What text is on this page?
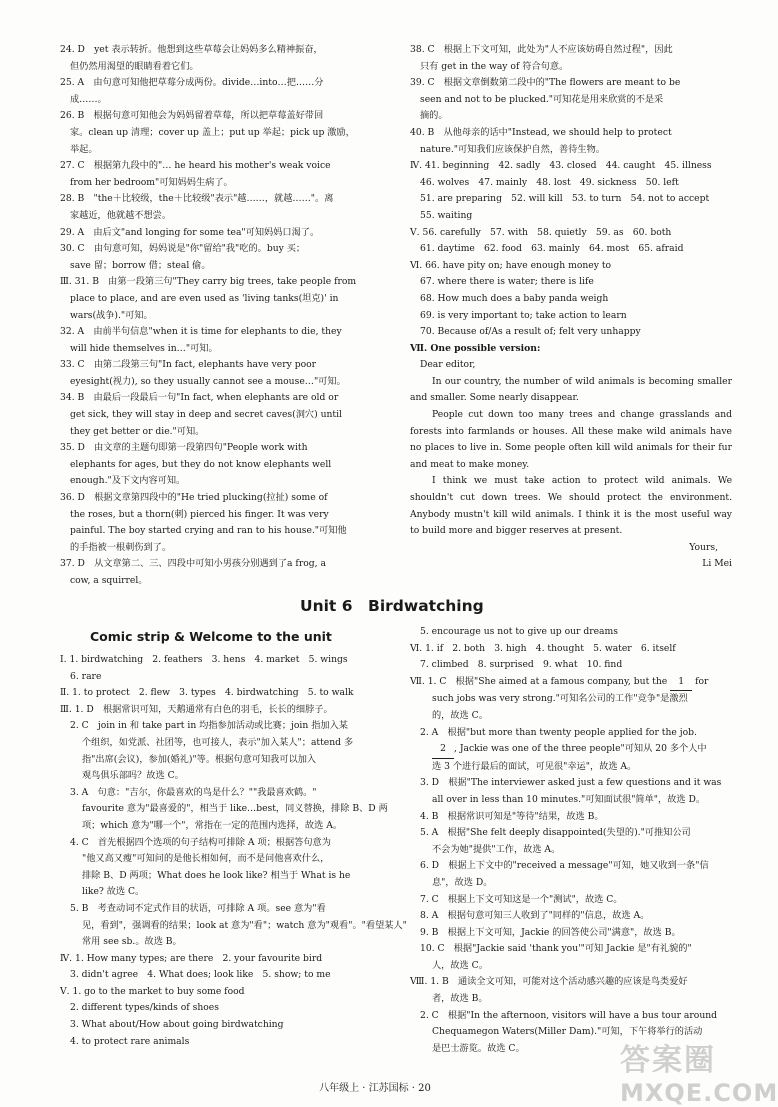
24. D　yet 表示转折。他想到这些草莓会让妈妈多么精神振奋，
但仍然用渴望的眼睛看着它们。
25. A　由句意可知他把草莓分成两份。divide…into…把……分
成……。
26. B　根据句意可知他会为妈妈留着草莓，所以把草莓盖好带回
家。clean up 清理；cover up 盖上；put up 举起；pick up 激励，
举起。
27. C　根据第九段中的"… he heard his mother's weak voice
from her bedroom"可知妈妈生病了。
28. B　"the＋比较级，the＋比较级"表示"越……，就越……"。离
家越近，他就越不想尝。
29. A　由后文"and longing for some tea"可知妈妈口渴了。
30. C　由句意可知，妈妈说是"你"留给"我"吃的。buy 买；
save 留；borrow 借；steal 偷。
Ⅲ. 31. B　由第一段第三句"They carry big trees, take people from
place to place, and are even used as 'living tanks(坦克)' in
wars(战争)."可知。
32. A　由前半句信息"when it is time for elephants to die, they
will hide themselves in…"可知。
33. C　由第二段第三句"In fact, elephants have very poor
eyesight(视力), so they usually cannot see a mouse…"可知。
34. B　由最后一段最后一句"In fact, when elephants are old or
get sick, they will stay in deep and secret caves(洞穴) until
they get better or die."可知。
35. D　由文章的主题句即第一段第四句"People work with
elephants for ages, but they do not know elephants well
enough."及下文内容可知。
36. D　根据文章第四段中的"He tried plucking(拉扯) some of
the roses, but a thorn(刺) pierced his finger. It was very
painful. The boy started crying and ran to his house."可知他
的手指被一根刺伤到了。
37. D　从文章第二、三、四段中可知小男孩分别遇到了a frog, a
cow, a squirrel。
38. C　根据上下文可知，此处为"人不应该妨碍自然过程"，因此
只有 get in the way of 符合句意。
39. C　根据文章倒数第二段中的"The flowers are meant to be
seen and not to be plucked."可知花是用来欣赏的不是采
摘的。
40. B　从他母亲的话中"Instead, we should help to protect
nature."可知我们应该保护自然，善待生物。
Ⅳ. 41. beginning　42. sadly　43. closed　44. caught　45. illness
46. wolves　47. mainly　48. lost　49. sickness　50. left
51. are preparing　52. will kill　53. to turn　54. not to accept
55. waiting
Ⅴ. 56. carefully　57. with　58. quietly　59. as　60. both
61. daytime　62. food　63. mainly　64. most　65. afraid
Ⅵ. 66. have pity on; have enough money to
67. where there is water; there is life
68. How much does a baby panda weigh
69. is very important to; take action to learn
70. Because of/As a result of; felt very unhappy
Ⅶ. One possible version:
Dear editor,
In our country, the number of wild animals is becoming smaller and smaller. Some nearly disappear.
People cut down too many trees and change grasslands and forests into farmlands or houses. All these make wild animals have no places to live in. Some people often kill wild animals for their fur and meat to make money.
I think we must take action to protect wild animals. We shouldn't cut down trees. We should protect the environment. Anybody mustn't kill wild animals. I think it is the most useful way to build more and bigger reserves at present.
Yours,
Li Mei
Unit 6　Birdwatching
Comic strip & Welcome to the unit
Ⅰ. 1. birdwatching　2. feathers　3. hens　4. market　5. wings
6. rare
Ⅱ. 1. to protect　2. flew　3. types　4. birdwatching　5. to walk
Ⅲ. 1. D　根据常识可知，天鹅通常有白色的羽毛，长长的细脖子。
2. C　join in 和 take part in 均指参加活动或比赛；join 指加入某
个组织，如党派、社团等，也可接人，表示"加入某人"；attend 多
指"出席(会议)，参加(婚礼)"等。根据句意可知我可以加入
观鸟俱乐部吗？故选 C。
3. A　句意："吉尔，你最喜欢的鸟是什么？""我最喜欢鹤。"
favourite 意为"最喜爱的"，相当于 like…best，同义替换，排除 B、D 两
项；which 意为"哪一个"，常指在一定的范围内选择，故选 A。
4. C　首先根据四个选项的句子结构可排除 A 项；根据答句意为
"他又高又瘦"可知问的是他长相如何，而不是问他喜欢什么，
排除 B、D 两项；What does he look like? 相当于 What is he
like? 故选 C。
5. B　考查动词不定式作目的状语，可排除 A 项。see 意为"看
见，看到"，强调看的结果；look at 意为"看"；watch 意为"观看"。"看望某人"
常用 see sb.。故选 B。
Ⅳ. 1. How many types; are there　2. your favourite bird
3. didn't agree　4. What does; look like　5. show; to me
Ⅴ. 1. go to the market to buy some food
2. different types/kinds of shoes
3. What about/How about going birdwatching
4. to protect rare animals
5. encourage us not to give up our dreams
Ⅵ. 1. if　2. both　3. high　4. thought　5. water　6. itself
7. climbed　8. surprised　9. what　10. find
Ⅶ. 1. C　根据"She aimed at a famous company, but the 1 for
such jobs was very strong."可知名公司的工作"竞争"是激烈
的，故选 C。
2. A　根据"but more than twenty people applied for the job.
2 , Jackie was one of the three people"可知从 20 多个人中
选 3 个进行最后的面试，可见很"幸运"，故选 A。
3. D　根据"The interviewer asked just a few questions and it was
all over in less than 10 minutes."可知面试很"简单"，故选 D。
4. B　根据常识可知是"等待"结果，故选 B。
5. A　根据"She felt deeply disappointed(失望的)."可推知公司
不会为她"提供"工作，故选 A。
6. D　根据上下文中的"received a message"可知，她又收到一条"信
息"，故选 D。
7. C　根据上下文可知这是一个"测试"，故选 C。
8. A　根据句意可知三人收到了"同样的"信息，故选 A。
9. B　根据上下文可知，Jackie 的回答使公司"满意"，故选 B。
10. C　根据"Jackie said 'thank you'"可知 Jackie 是"有礼貌的"
人，故选 C。
Ⅷ. 1. B　通读全文可知，可能对这个活动感兴趣的应该是鸟类爱好
者，故选 B。
2. C　根据"In the afternoon, visitors will have a bus tour around
Chequamegon Waters(Miller Dam)."可知，下午将举行的活动
是巴士游览。故选 C。
八年级上 · 江苏国标 · 20
答案圈
MXQE.COM
